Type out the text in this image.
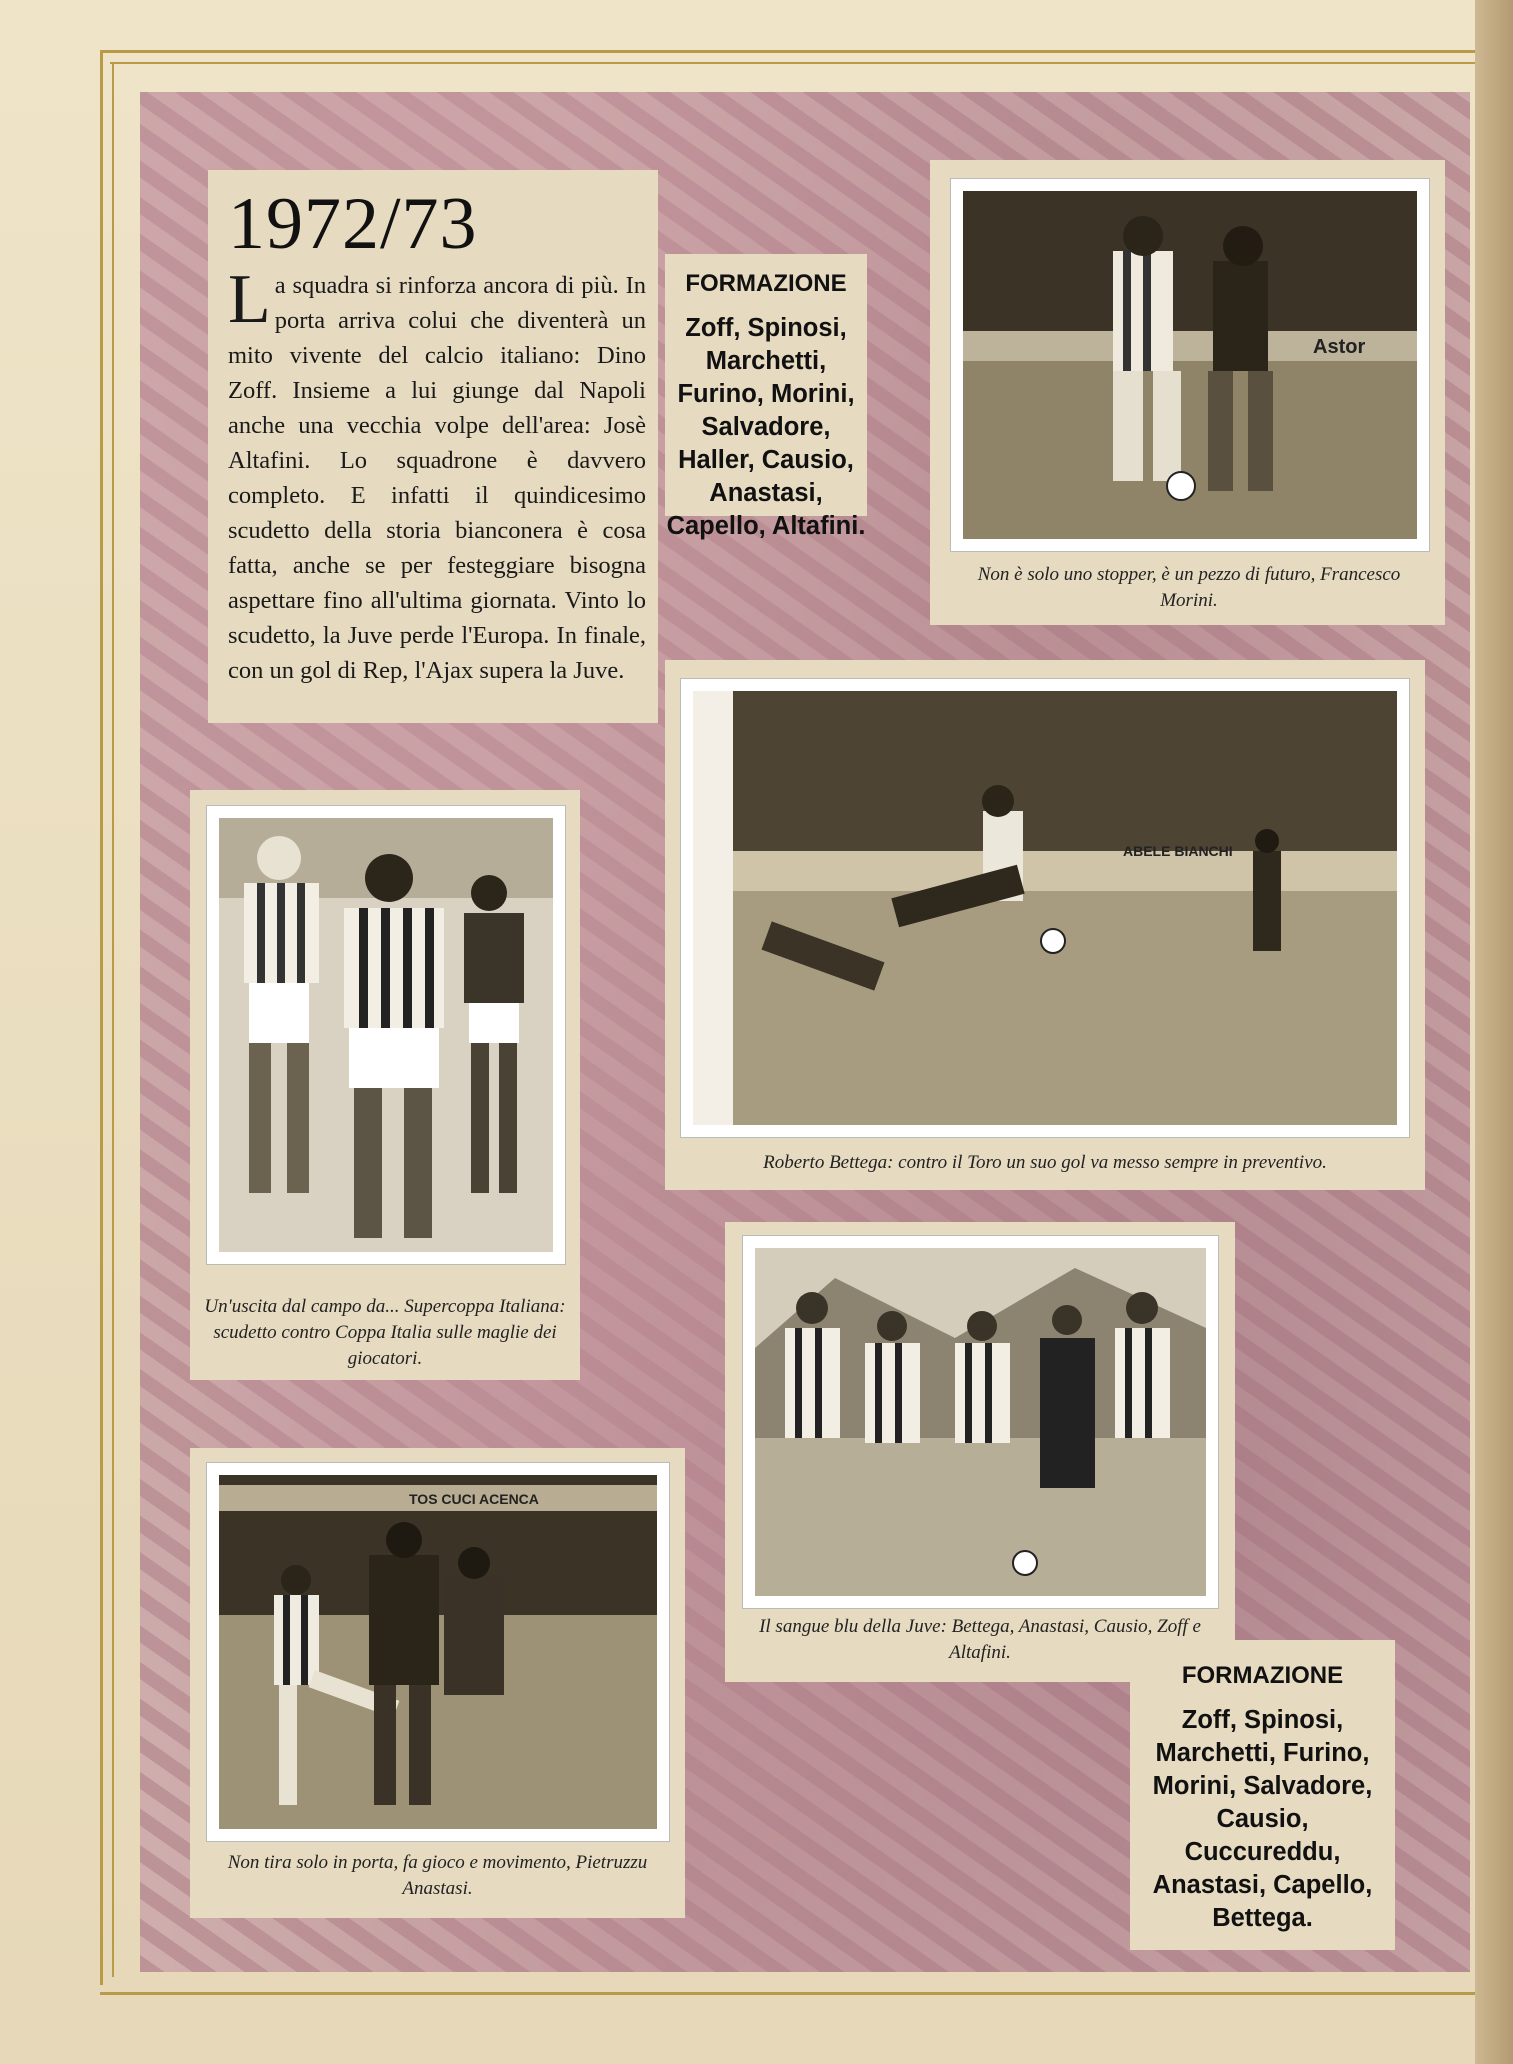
1972/73
La squadra si rinforza ancora di più. In porta arriva colui che diventerà un mito vivente del calcio italiano: Dino Zoff. Insieme a lui giunge dal Napoli anche una vecchia volpe dell'area: Josè Altafini. Lo squadrone è davvero completo. E infatti il quindicesimo scudetto della storia bianconera è cosa fatta, anche se per festeggiare bisogna aspettare fino all'ultima giornata. Vinto lo scudetto, la Juve perde l'Europa. In finale, con un gol di Rep, l'Ajax supera la Juve.
FORMAZIONE
Zoff, Spinosi, Marchetti, Furino, Morini, Salvadore, Haller, Causio, Anastasi, Capello, Altafini.
Astor
Non è solo uno stopper, è un pezzo di futuro, Francesco Morini.
ABELE BIANCHI
Roberto Bettega: contro il Toro un suo gol va messo sempre in preventivo.
Un'uscita dal campo da... Supercoppa Italiana: scudetto contro Coppa Italia sulle maglie dei giocatori.
Il sangue blu della Juve: Bettega, Anastasi, Causio, Zoff e Altafini.
TOS CUCI ACENCA
Non tira solo in porta, fa gioco e movimento, Pietruzzu Anastasi.
FORMAZIONE
Zoff, Spinosi, Marchetti, Furino, Morini, Salvadore, Causio, Cuccureddu, Anastasi, Capello, Bettega.
